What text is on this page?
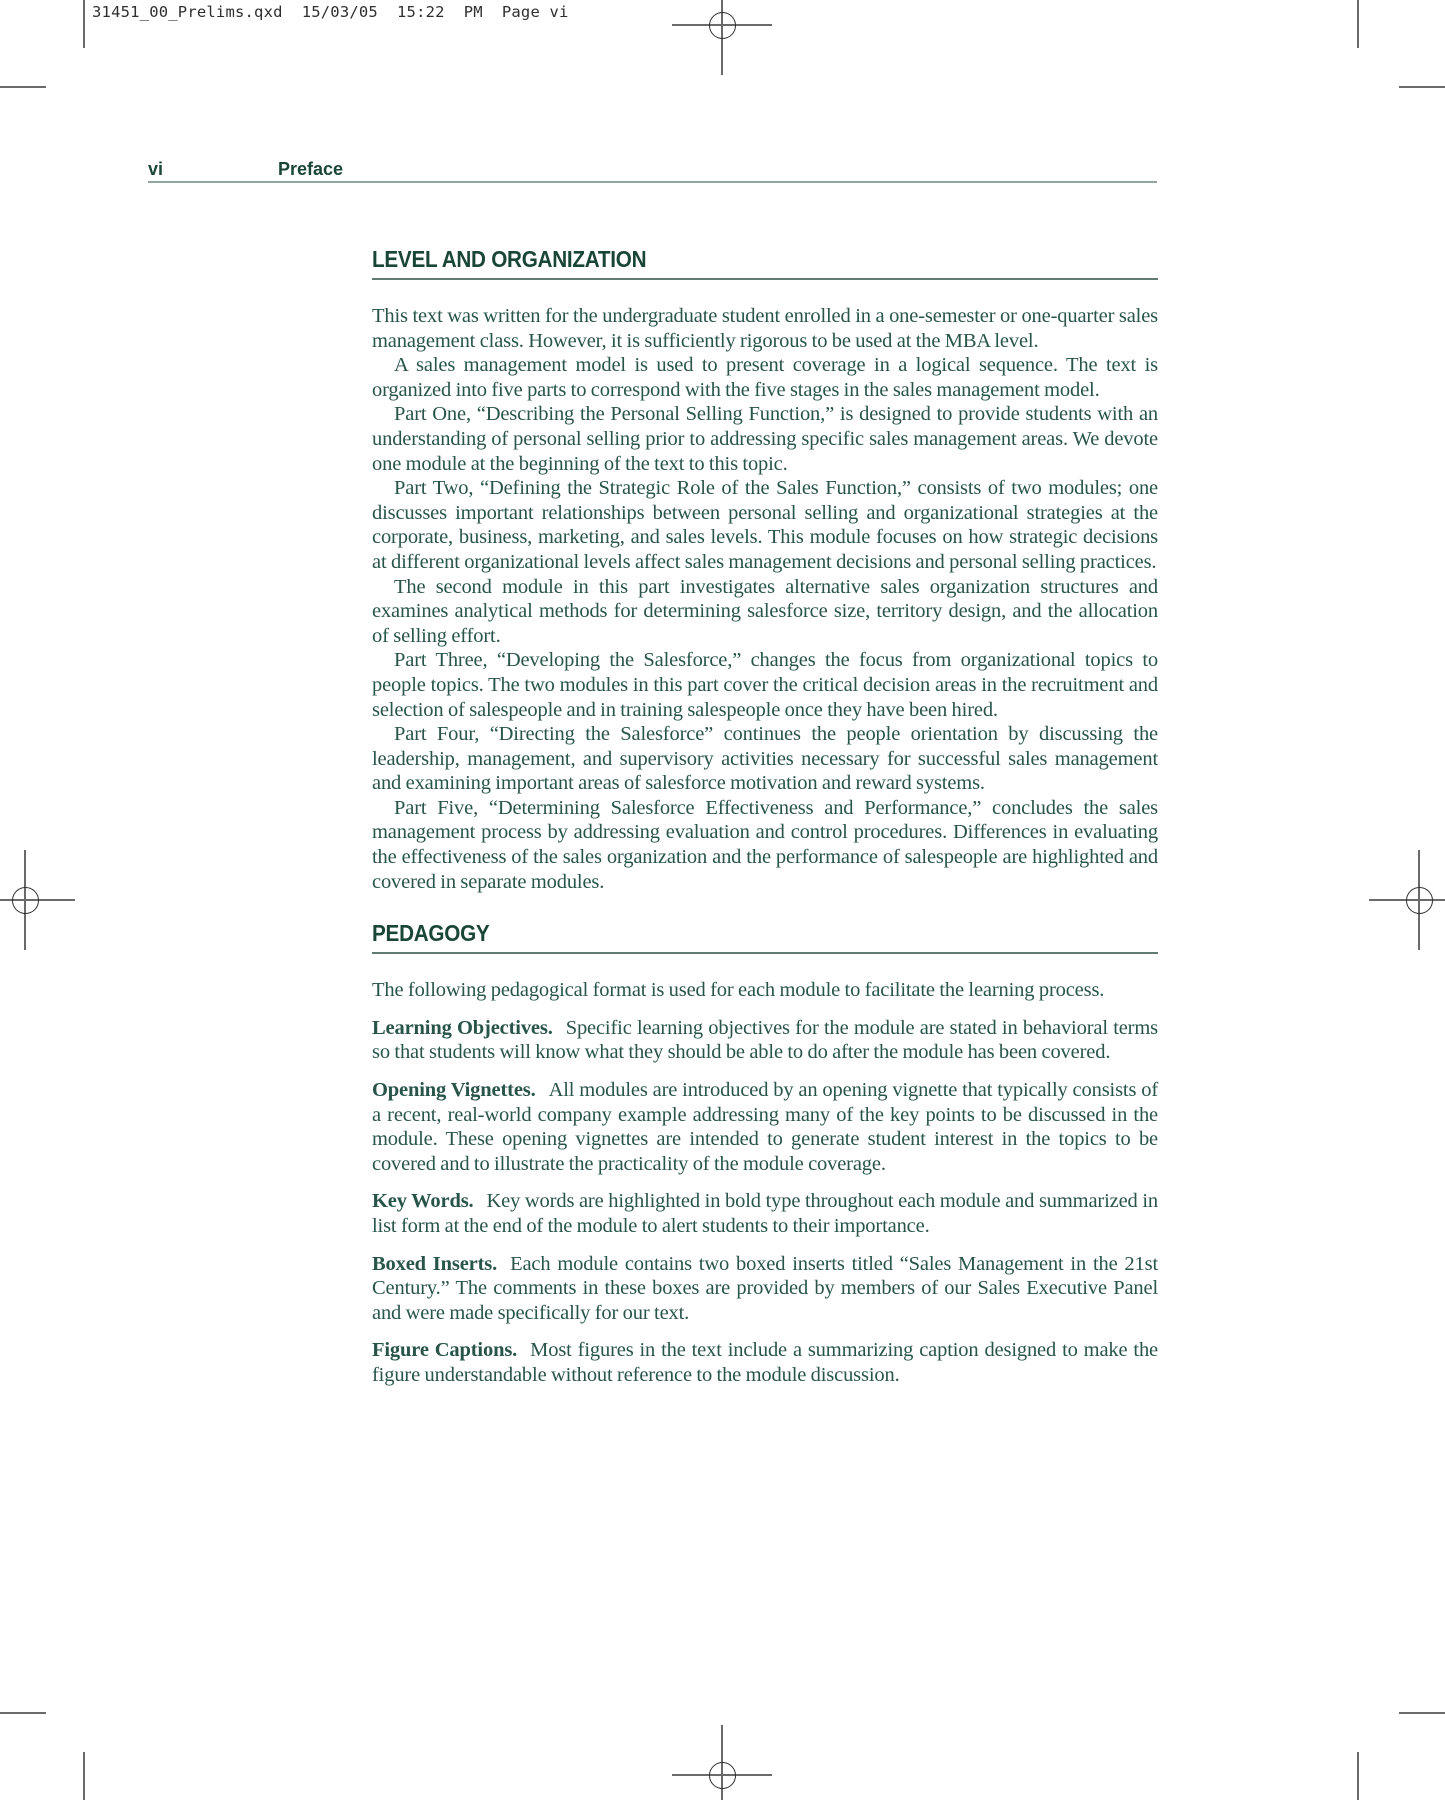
31451_00_Prelims.qxd  15/03/05  15:22  PM  Page vi
vi	Preface
LEVEL AND ORGANIZATION

This text was written for the undergraduate student enrolled in a one-semester or one-quarter sales management class. However, it is sufficiently rigorous to be used at the MBA level.

A sales management model is used to present coverage in a logical sequence. The text is organized into five parts to correspond with the five stages in the sales management model.

Part One, “Describing the Personal Selling Function,” is designed to provide students with an understanding of personal selling prior to addressing specific sales management areas. We devote one module at the beginning of the text to this topic.

Part Two, “Defining the Strategic Role of the Sales Function,” consists of two modules; one discusses important relationships between personal selling and organizational strategies at the corporate, business, marketing, and sales levels. This module focuses on how strategic decisions at different organizational levels affect sales management decisions and personal selling practices.

The second module in this part investigates alternative sales organization structures and examines analytical methods for determining salesforce size, territory design, and the allocation of selling effort.

Part Three, “Developing the Salesforce,” changes the focus from organizational topics to people topics. The two modules in this part cover the critical decision areas in the recruitment and selection of salespeople and in training salespeople once they have been hired.

Part Four, “Directing the Salesforce” continues the people orientation by discussing the leadership, management, and supervisory activities necessary for successful sales management and examining important areas of salesforce motivation and reward systems.

Part Five, “Determining Salesforce Effectiveness and Performance,” concludes the sales management process by addressing evaluation and control procedures. Differences in evaluating the effectiveness of the sales organization and the performance of salespeople are highlighted and covered in separate modules.

PEDAGOGY

The following pedagogical format is used for each module to facilitate the learning process.

Learning Objectives. Specific learning objectives for the module are stated in behavioral terms so that students will know what they should be able to do after the module has been covered.

Opening Vignettes. All modules are introduced by an opening vignette that typically consists of a recent, real-world company example addressing many of the key points to be discussed in the module. These opening vignettes are intended to generate student interest in the topics to be covered and to illustrate the practicality of the module coverage.

Key Words. Key words are highlighted in bold type throughout each module and summarized in list form at the end of the module to alert students to their importance.

Boxed Inserts. Each module contains two boxed inserts titled “Sales Management in the 21st Century.” The comments in these boxes are provided by members of our Sales Executive Panel and were made specifically for our text.

Figure Captions. Most figures in the text include a summarizing caption designed to make the figure understandable without reference to the module discussion.
